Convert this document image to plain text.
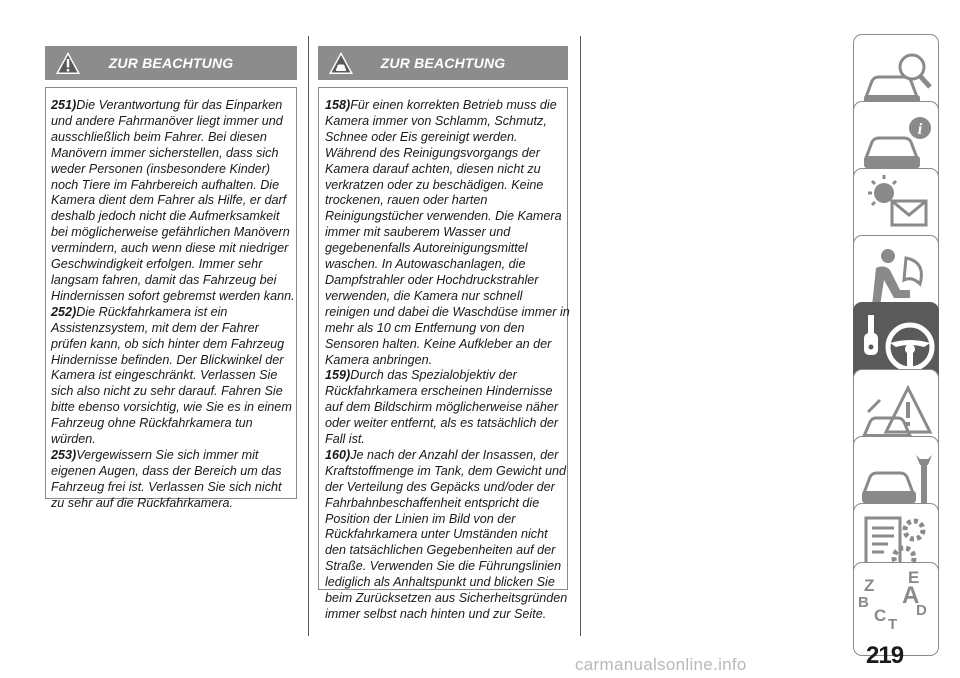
ZUR BEACHTUNG

251)Die Verantwortung für das Einparken und andere Fahrmanöver liegt immer und ausschließlich beim Fahrer. Bei diesen Manövern immer sicherstellen, dass sich weder Personen (insbesondere Kinder) noch Tiere im Fahrbereich aufhalten. Die Kamera dient dem Fahrer als Hilfe, er darf deshalb jedoch nicht die Aufmerksamkeit bei möglicherweise gefährlichen Manövern vermindern, auch wenn diese mit niedriger Geschwindigkeit erfolgen. Immer sehr langsam fahren, damit das Fahrzeug bei Hindernissen sofort gebremst werden kann.

252)Die Rückfahrkamera ist ein Assistenzsystem, mit dem der Fahrer prüfen kann, ob sich hinter dem Fahrzeug Hindernisse befinden. Der Blickwinkel der Kamera ist eingeschränkt. Verlassen Sie sich also nicht zu sehr darauf. Fahren Sie bitte ebenso vorsichtig, wie Sie es in einem Fahrzeug ohne Rückfahrkamera tun würden.

253)Vergewissern Sie sich immer mit eigenen Augen, dass der Bereich um das Fahrzeug frei ist. Verlassen Sie sich nicht zu sehr auf die Rückfahrkamera.

ZUR BEACHTUNG

158)Für einen korrekten Betrieb muss die Kamera immer von Schlamm, Schmutz, Schnee oder Eis gereinigt werden. Während des Reinigungsvorgangs der Kamera darauf achten, diesen nicht zu verkratzen oder zu beschädigen. Keine trockenen, rauen oder harten Reinigungstücher verwenden. Die Kamera immer mit sauberem Wasser und gegebenenfalls Autoreinigungsmittel waschen. In Autowaschanlagen, die Dampfstrahler oder Hochdruckstrahler verwenden, die Kamera nur schnell reinigen und dabei die Waschdüse immer in mehr als 10 cm Entfernung von den Sensoren halten. Keine Aufkleber an der Kamera anbringen.

159)Durch das Spezialobjektiv der Rückfahrkamera erscheinen Hindernisse auf dem Bildschirm möglicherweise näher oder weiter entfernt, als es tatsächlich der Fall ist.

160)Je nach der Anzahl der Insassen, der Kraftstoffmenge im Tank, dem Gewicht und der Verteilung des Gepäcks und/oder der Fahrbahnbeschaffenheit entspricht die Position der Linien im Bild von der Rückfahrkamera unter Umständen nicht den tatsächlichen Gegebenheiten auf der Straße. Verwenden Sie die Führungslinien lediglich als Anhaltspunkt und blicken Sie beim Zurücksetzen aus Sicherheitsgründen immer selbst nach hinten und zur Seite.

i
Z E
B A
C D
T
219
carmanualsonline.info
